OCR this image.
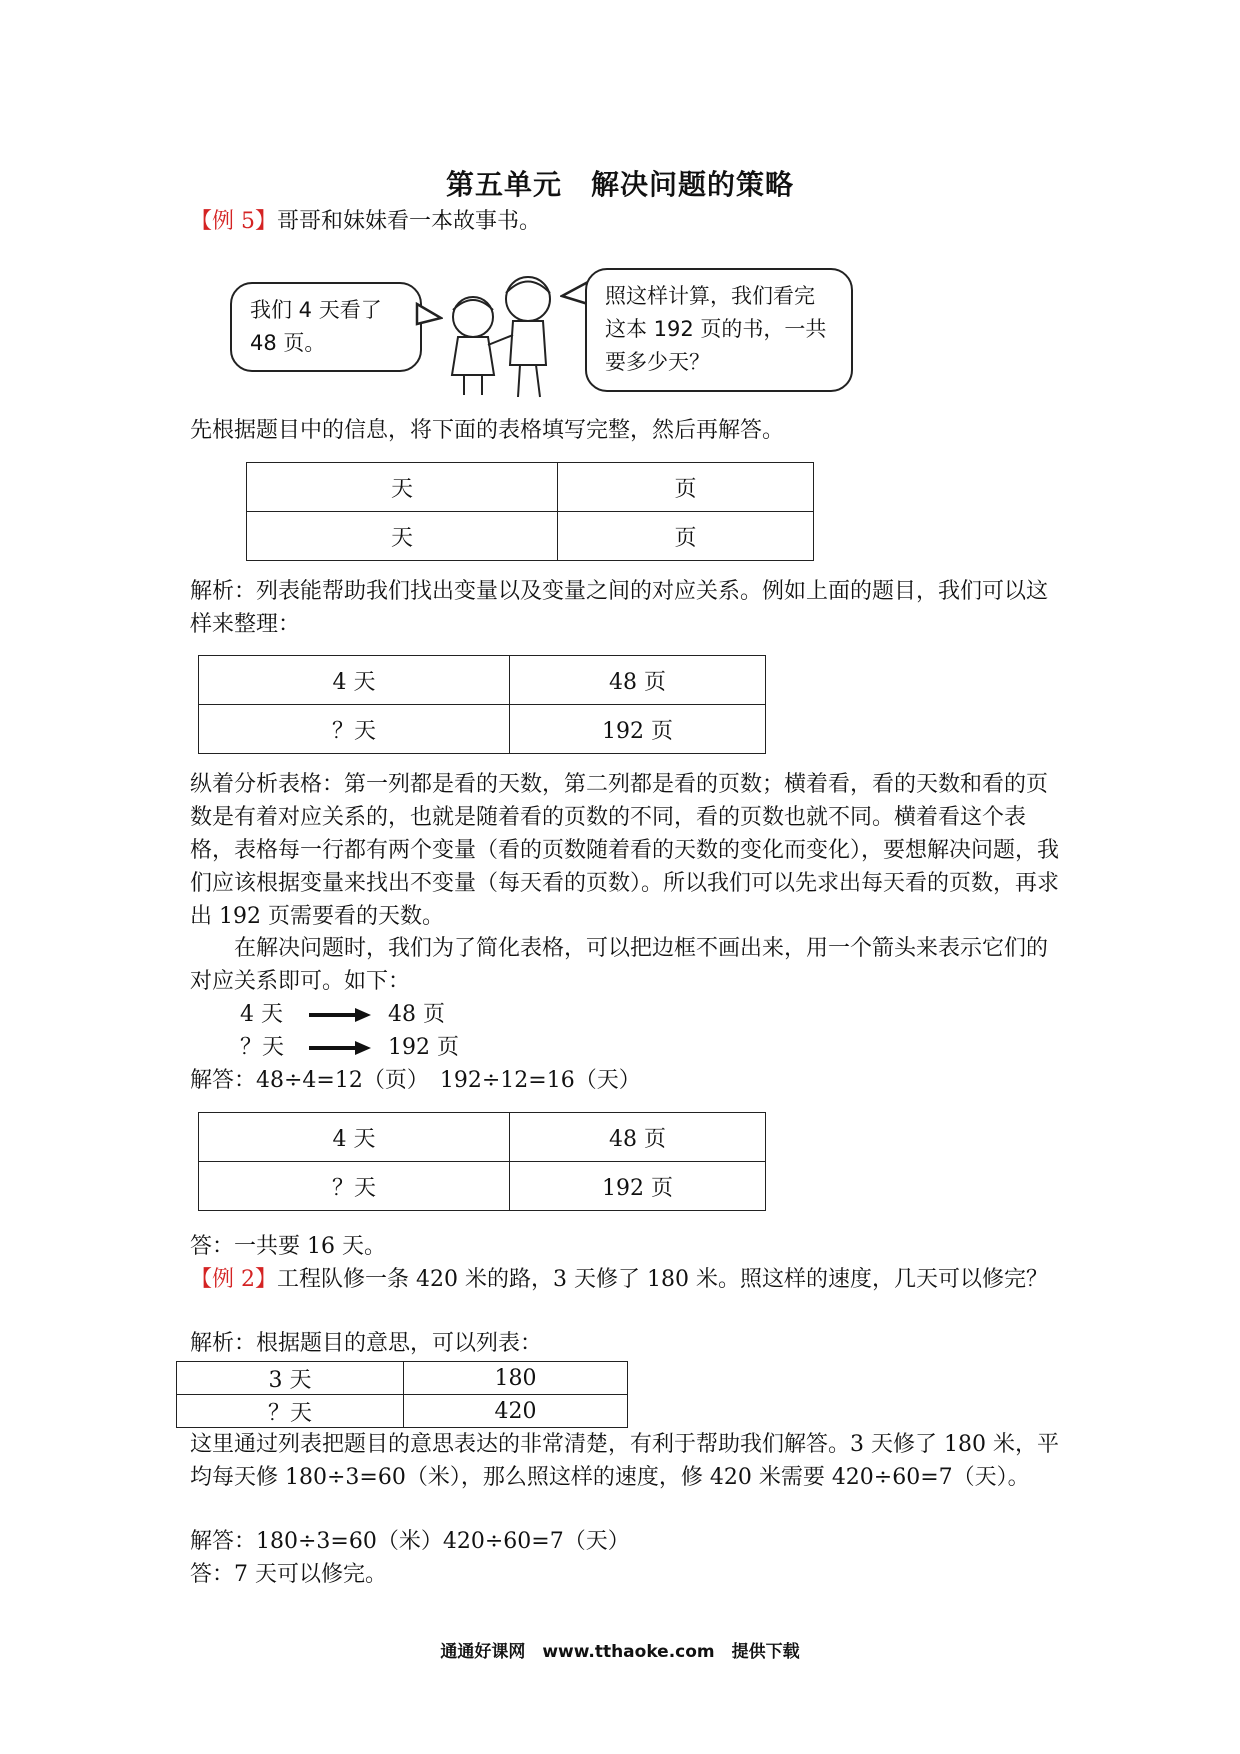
第五单元　解决问题的策略
【例 5】哥哥和妹妹看一本故事书。
我们 4 天看了 48 页。
照这样计算，我们看完这本 192 页的书，一共要多少天？
先根据题目中的信息，将下面的表格填写完整，然后再解答。
天	页
天	页
解析：列表能帮助我们找出变量以及变量之间的对应关系。例如上面的题目，我们可以这样来整理：
4 天	48 页
？天	192 页
纵着分析表格：第一列都是看的天数，第二列都是看的页数；横着看，看的天数和看的页数是有着对应关系的，也就是随着看的页数的不同，看的页数也就不同。横着看这个表格，表格每一行都有两个变量（看的页数随着看的天数的变化而变化），要想解决问题，我们应该根据变量来找出不变量（每天看的页数）。所以我们可以先求出每天看的页数，再求出 192 页需要看的天数。
在解决问题时，我们为了简化表格，可以把边框不画出来，用一个箭头来表示它们的对应关系即可。如下：
4 天	48 页
？天	192 页
解答：48÷4=12（页）　192÷12=16（天）
4 天	48 页
？天	192 页
答：一共要 16 天。
【例 2】工程队修一条 420 米的路，3 天修了 180 米。照这样的速度，几天可以修完？
解析：根据题目的意思，可以列表：
3 天	180
？天	420
这里通过列表把题目的意思表达的非常清楚，有利于帮助我们解答。3 天修了 180 米，平均每天修 180÷3=60（米），那么照这样的速度，修 420 米需要 420÷60=7（天）。
解答：180÷3=60（米）420÷60=7（天）
答：7 天可以修完。
通通好课网　www.tthaoke.com　提供下载
